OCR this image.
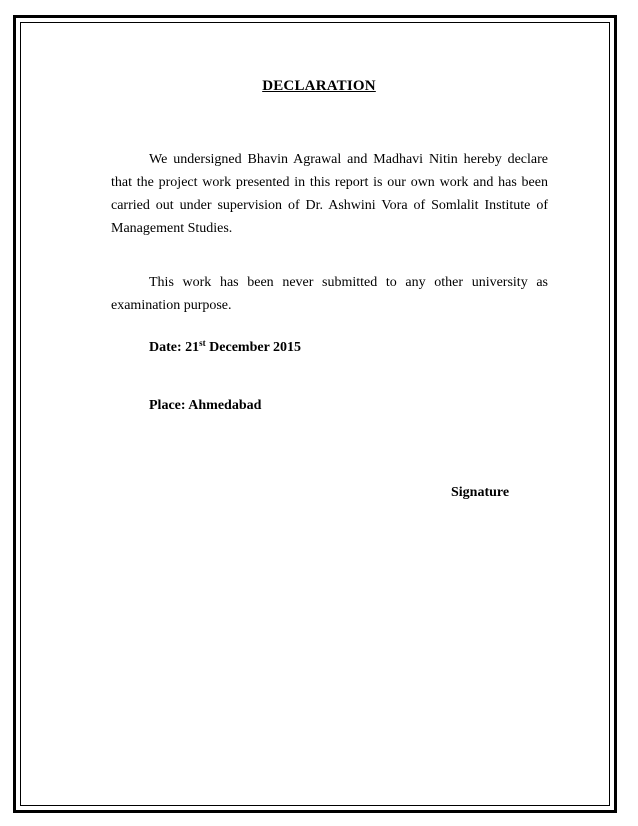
DECLARATION

We undersigned Bhavin Agrawal and Madhavi Nitin hereby declare that the project work presented in this report is our own work and has been carried out under supervision of Dr. Ashwini Vora of Somlalit Institute of Management Studies.

This work has been never submitted to any other university as examination purpose.

Date: 21st December 2015
Place: Ahmedabad
Signature
